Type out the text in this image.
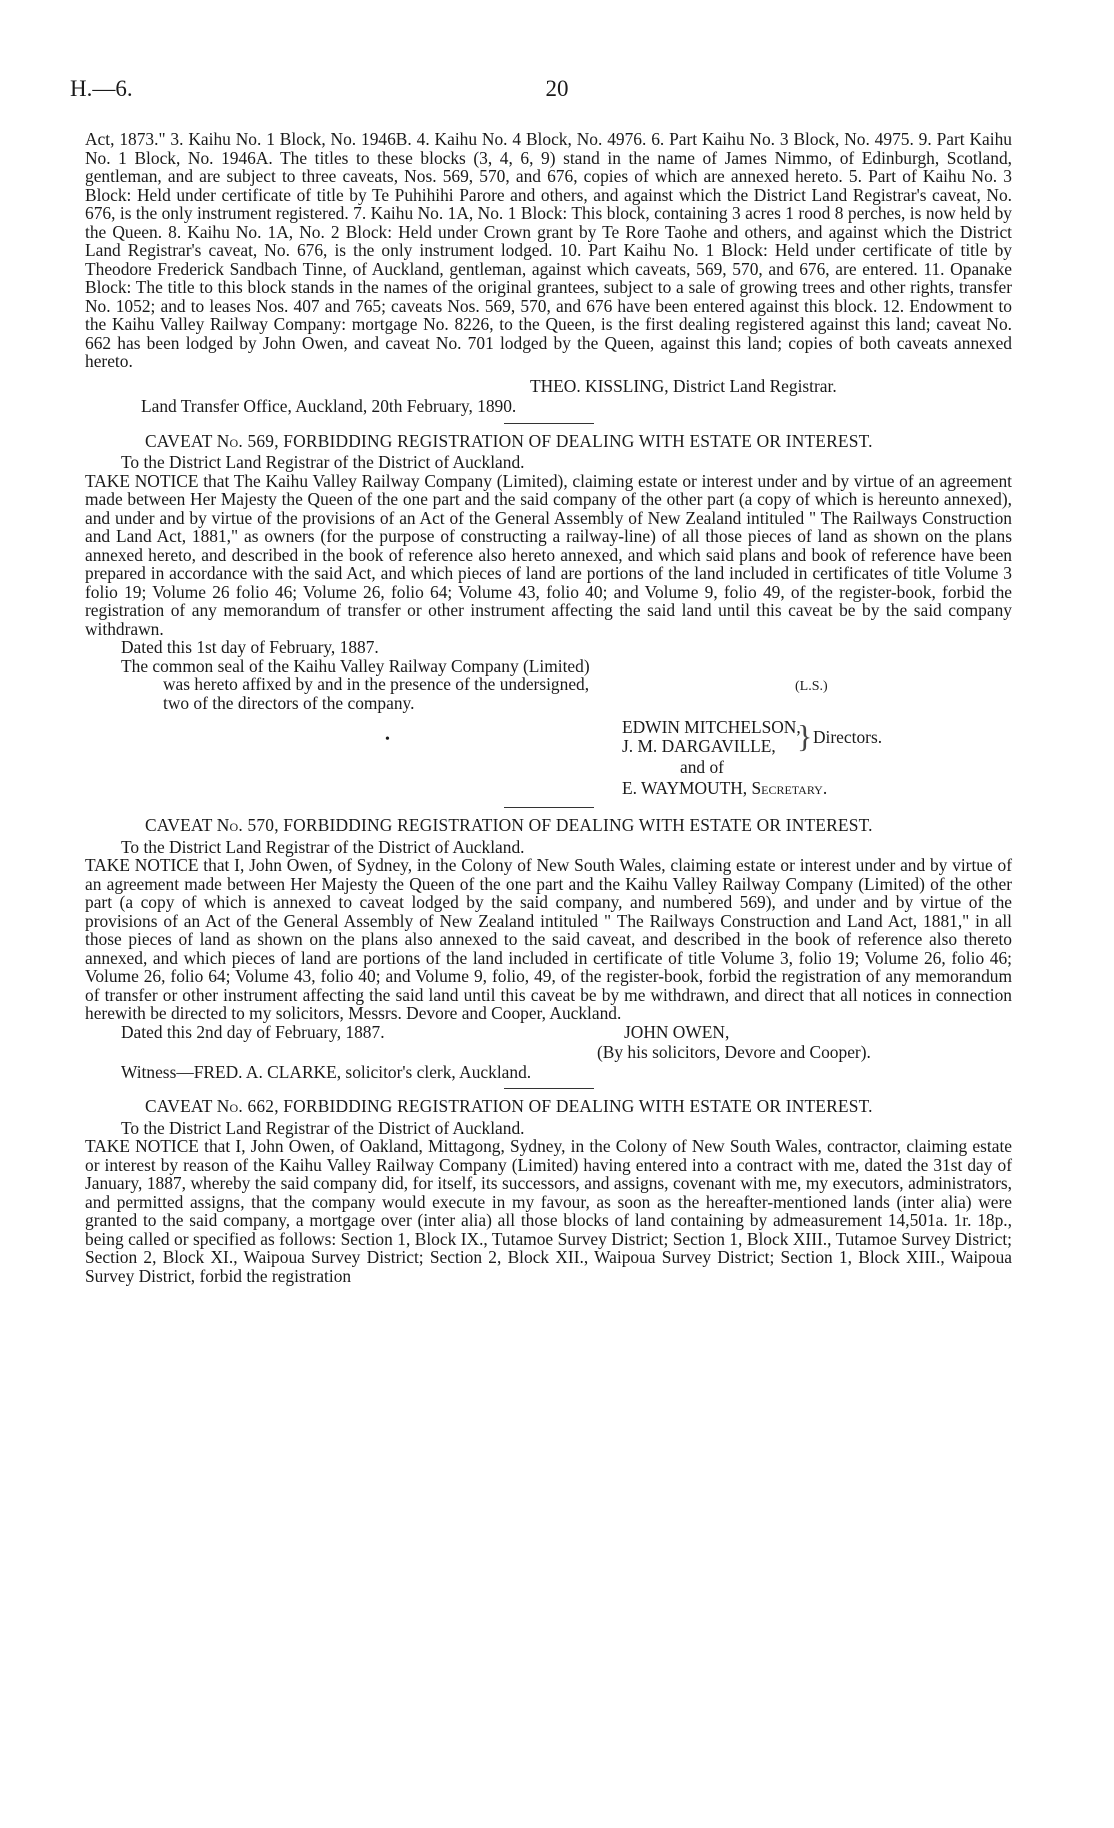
H.—6.	20

Act, 1873." 3. Kaihu No. 1 Block, No. 1946B. 4. Kaihu No. 4 Block, No. 4976. 6. Part Kaihu No. 3 Block, No. 4975. 9. Part Kaihu No. 1 Block, No. 1946A. The titles to these blocks (3, 4, 6, 9) stand in the name of James Nimmo, of Edinburgh, Scotland, gentleman, and are subject to three caveats, Nos. 569, 570, and 676, copies of which are annexed hereto. 5. Part of Kaihu No. 3 Block: Held under certificate of title by Te Puhihihi Parore and others, and against which the District Land Registrar's caveat, No. 676, is the only instrument registered. 7. Kaihu No. 1A, No. 1 Block: This block, containing 3 acres 1 rood 8 perches, is now held by the Queen. 8. Kaihu No. 1A, No. 2 Block: Held under Crown grant by Te Rore Taohe and others, and against which the District Land Registrar's caveat, No. 676, is the only instrument lodged. 10. Part Kaihu No. 1 Block: Held under certificate of title by Theodore Frederick Sandbach Tinne, of Auckland, gentleman, against which caveats, 569, 570, and 676, are entered. 11. Opanake Block: The title to this block stands in the names of the original grantees, subject to a sale of growing trees and other rights, transfer No. 1052; and to leases Nos. 407 and 765; caveats Nos. 569, 570, and 676 have been entered against this block. 12. Endowment to the Kaihu Valley Railway Company: mortgage No. 8226, to the Queen, is the first dealing registered against this land; caveat No. 662 has been lodged by John Owen, and caveat No. 701 lodged by the Queen, against this land; copies of both caveats annexed hereto.

THEO. KISSLING, District Land Registrar.

Land Transfer Office, Auckland, 20th February, 1890.

CAVEAT No. 569, FORBIDDING REGISTRATION OF DEALING WITH ESTATE OR INTEREST.

To the District Land Registrar of the District of Auckland.

TAKE NOTICE that The Kaihu Valley Railway Company (Limited), claiming estate or interest under and by virtue of an agreement made between Her Majesty the Queen of the one part and the said company of the other part (a copy of which is hereunto annexed), and under and by virtue of the provisions of an Act of the General Assembly of New Zealand intituled " The Railways Construction and Land Act, 1881," as owners (for the purpose of constructing a railway-line) of all those pieces of land as shown on the plans annexed hereto, and described in the book of reference also hereto annexed, and which said plans and book of reference have been prepared in accordance with the said Act, and which pieces of land are portions of the land included in certificates of title Volume 3 folio 19; Volume 26 folio 46; Volume 26, folio 64; Volume 43, folio 40; and Volume 9, folio 49, of the register-book, forbid the registration of any memorandum of transfer or other instrument affecting the said land until this caveat be by the said company withdrawn.

Dated this 1st day of February, 1887.

The common seal of the Kaihu Valley Railway Company (Limited)
was hereto affixed by and in the presence of the undersigned,
two of the directors of the company.
(L.S.)
•
EDWIN MITCHELSON,
J. M. DARGAVILLE, } Directors.
and of
E. WAYMOUTH, Secretary.

CAVEAT No. 570, FORBIDDING REGISTRATION OF DEALING WITH ESTATE OR INTEREST.

To the District Land Registrar of the District of Auckland.

TAKE NOTICE that I, John Owen, of Sydney, in the Colony of New South Wales, claiming estate or interest under and by virtue of an agreement made between Her Majesty the Queen of the one part and the Kaihu Valley Railway Company (Limited) of the other part (a copy of which is annexed to caveat lodged by the said company, and numbered 569), and under and by virtue of the provisions of an Act of the General Assembly of New Zealand intituled " The Railways Construction and Land Act, 1881," in all those pieces of land as shown on the plans also annexed to the said caveat, and described in the book of reference also thereto annexed, and which pieces of land are portions of the land included in certificate of title Volume 3, folio 19; Volume 26, folio 46; Volume 26, folio 64; Volume 43, folio 40; and Volume 9, folio, 49, of the register-book, forbid the registration of any memorandum of transfer or other instrument affecting the said land until this caveat be by me withdrawn, and direct that all notices in connection herewith be directed to my solicitors, Messrs. Devore and Cooper, Auckland.

Dated this 2nd day of February, 1887.	JOHN OWEN,
(By his solicitors, Devore and Cooper).

Witness—FRED. A. CLARKE, solicitor's clerk, Auckland.

CAVEAT No. 662, FORBIDDING REGISTRATION OF DEALING WITH ESTATE OR INTEREST.

To the District Land Registrar of the District of Auckland.

TAKE NOTICE that I, John Owen, of Oakland, Mittagong, Sydney, in the Colony of New South Wales, contractor, claiming estate or interest by reason of the Kaihu Valley Railway Company (Limited) having entered into a contract with me, dated the 31st day of January, 1887, whereby the said company did, for itself, its successors, and assigns, covenant with me, my executors, administrators, and permitted assigns, that the company would execute in my favour, as soon as the hereafter-mentioned lands (inter alia) were granted to the said company, a mortgage over (inter alia) all those blocks of land containing by admeasurement 14,501a. 1r. 18p., being called or specified as follows: Section 1, Block IX., Tutamoe Survey District; Section 1, Block XIII., Tutamoe Survey District; Section 2, Block XI., Waipoua Survey District; Section 2, Block XII., Waipoua Survey District; Section 1, Block XIII., Waipoua Survey District, forbid the registration
